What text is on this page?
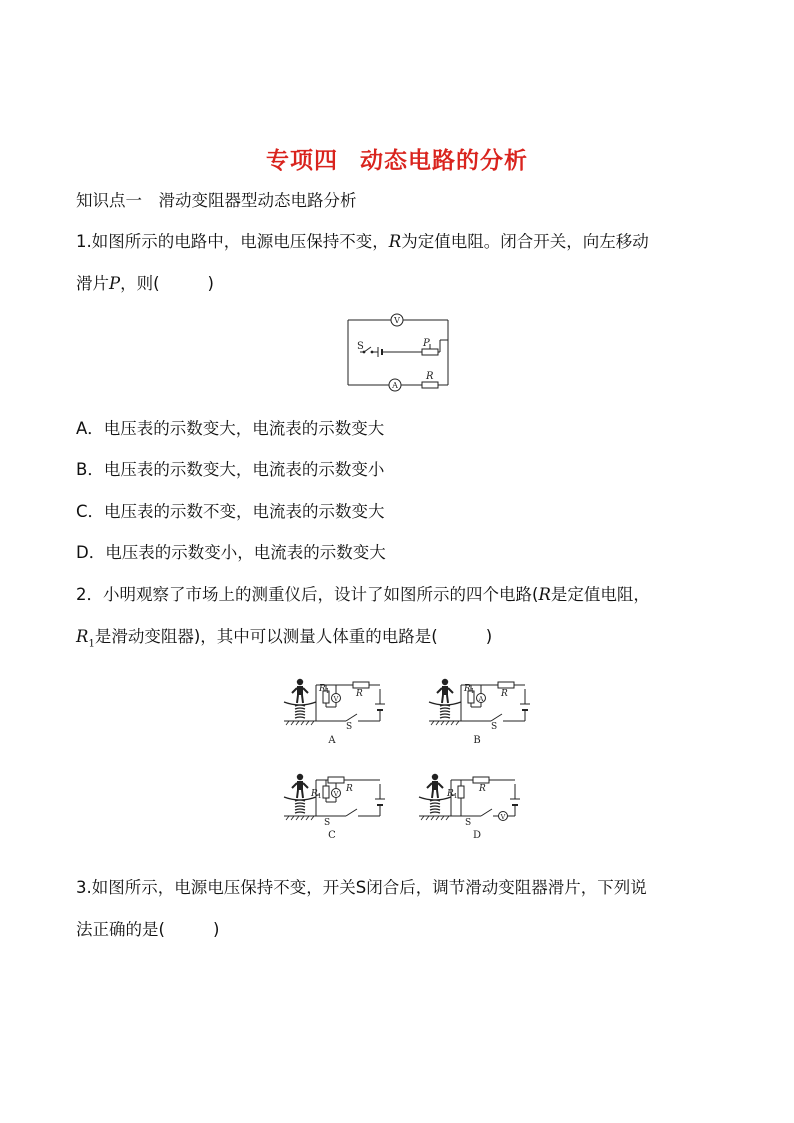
专项四 动态电路的分析
知识点一　滑动变阻器型动态电路分析
1.如图所示的电路中，电源电压保持不变，R为定值电阻。闭合开关，向左移动
滑片P，则(	)
V
A
S	P
R
A．电压表的示数变大，电流表的示数变大
B．电压表的示数变大，电流表的示数变小
C．电压表的示数不变，电流表的示数变大
D．电压表的示数变小，电流表的示数变大
2．小明观察了市场上的测重仪后，设计了如图所示的四个电路(R是定值电阻，
$R_1$是滑动变阻器)，其中可以测量人体重的电路是(	)
V
$R_1$	R
S
A
A
$R_1$	R
S
B
V
$R_1$
R
S
C
V
$R_1$
R
S
D
3.如图所示，电源电压保持不变，开关S闭合后，调节滑动变阻器滑片，下列说
法正确的是(	)
